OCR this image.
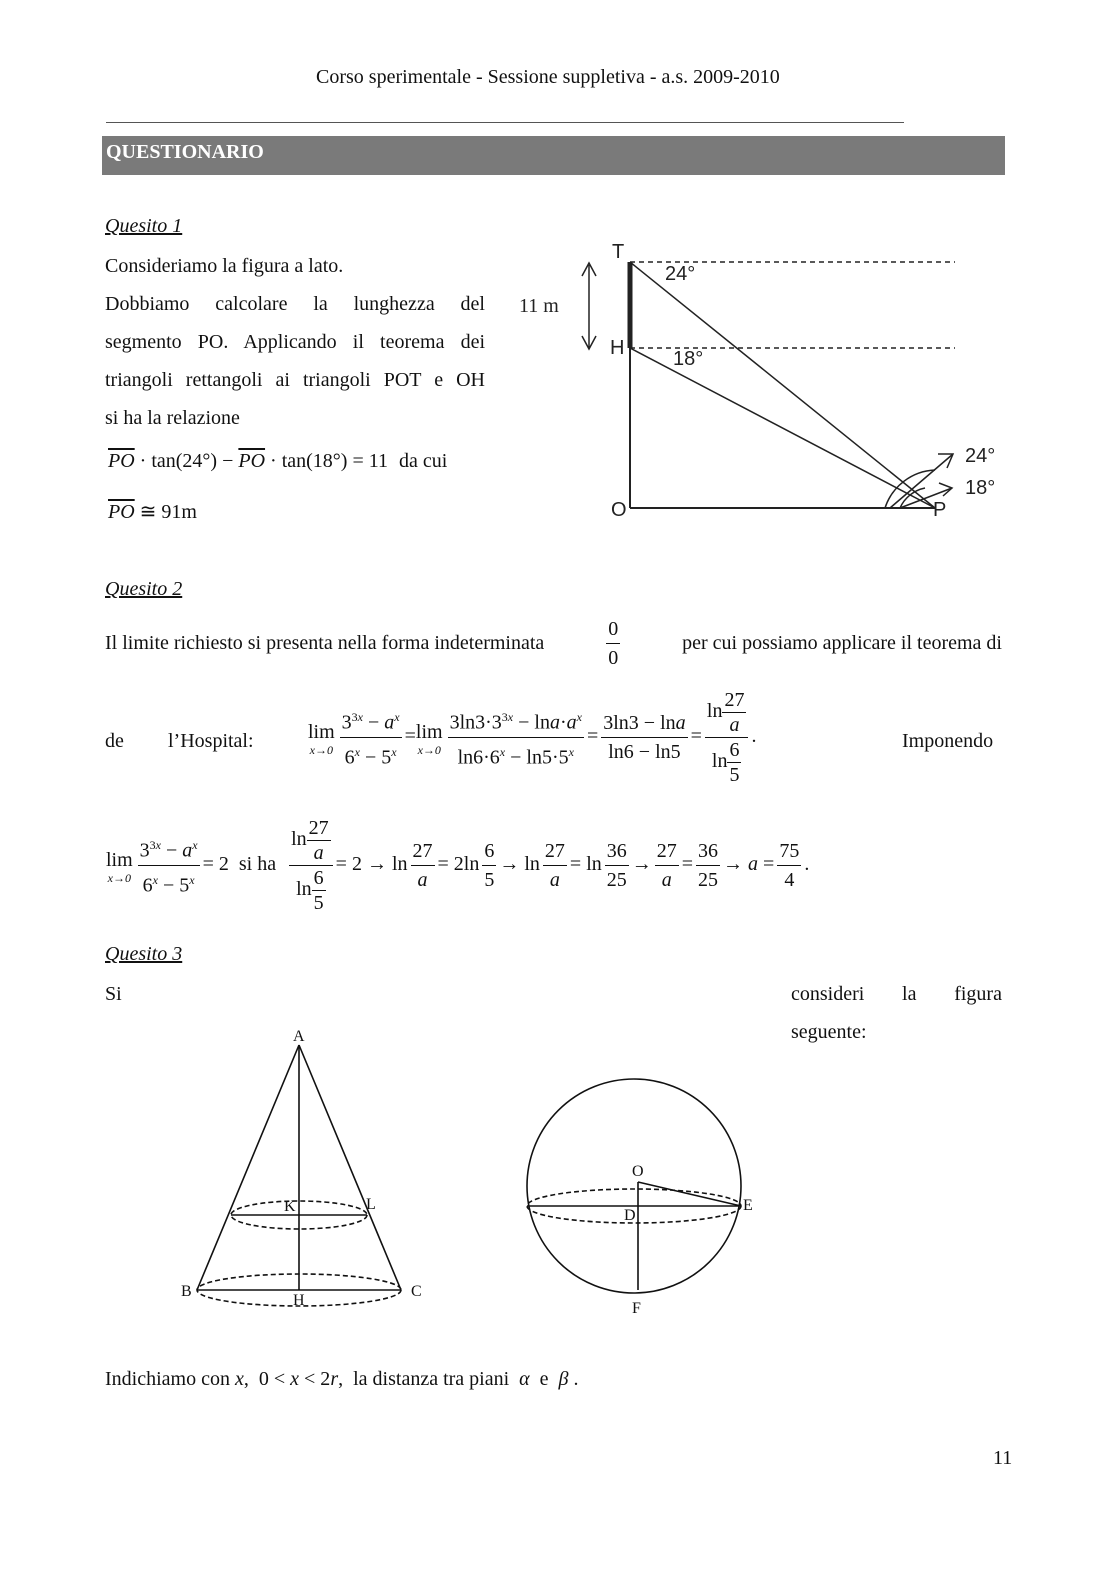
Corso sperimentale - Sessione suppletiva - a.s. 2009-2010
QUESTIONARIO
Quesito 1
Consideriamo la figura a lato.
Dobbiamo calcolare la lunghezza del
segmento PO. Applicando il teorema dei
triangoli rettangoli ai triangoli POT e OH
si ha la relazione
$\overline{PO} \cdot \tan(24^\circ) - \overline{PO} \cdot \tan(18^\circ) = 11$ da cui
$\overline{PO}$ ≅ 91m
T
H
O	P
24°
18°
24°
18°
11 m
Quesito 2
Il limite richiesto si presenta nella forma indeterminata	$\frac{0}{0}$	per cui possiamo applicare il teorema di
de l’Hospital:	lim
$x\to 0 \frac{3^{3x} - a^x}{6^x - 5^x} = \lim$
$x\to 0 \frac{3\ln 3\cdot 3^{3x} - \ln a\cdot a^x}{\ln 6\cdot 6^x - \ln 5\cdot 5^x} = \frac{3\ln 3 - \ln a}{\ln 6 - \ln 5} = \frac{\ln \frac{27}{a}}{\ln \frac{6}{5}}$ .	Imponendo
lim
$x\to 0 \frac{3^{3x} - a^x}{6^x - 5^x} = 2$  si ha $\frac{\ln \frac{27}{a}}{\ln \frac{6}{5}} = 2 \to \ln \frac{27}{a} = 2\ln \frac{6}{5} \to \ln \frac{27}{a} = \ln \frac{36}{25} \to \frac{27}{a} = \frac{36}{25} \to a = \frac{75}{4}$ .
Quesito 3
Si	consideri la figura
seguente:
A
B	C
H
K	L
O
D
E
F
Indichiamo con x,  0 < x < 2r,  la distanza tra piani α  e  β .
11
